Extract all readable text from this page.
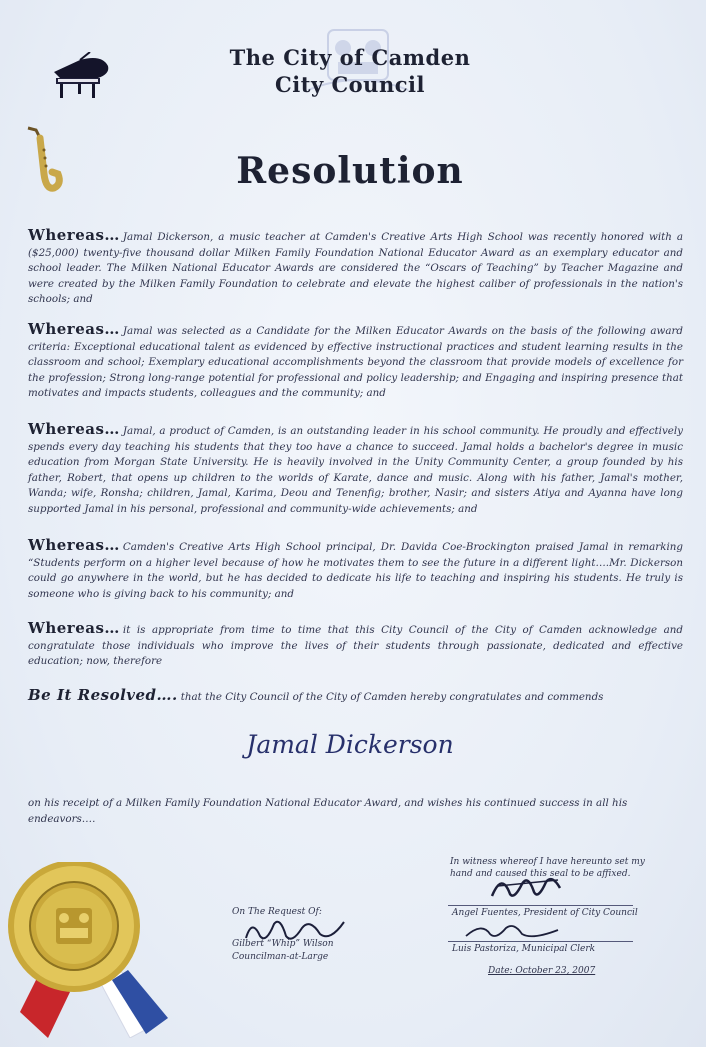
The City of Camden
City Council
Resolution
Whereas… Jamal Dickerson, a music teacher at Camden's Creative Arts High School was recently honored with a ($25,000) twenty-five thousand dollar Milken Family Foundation National Educator Award as an exemplary educator and school leader. The Milken National Educator Awards are considered the “Oscars of Teaching” by Teacher Magazine and were created by the Milken Family Foundation to celebrate and elevate the highest caliber of professionals in the nation's schools; and
Whereas… Jamal was selected as a Candidate for the Milken Educator Awards on the basis of the following award criteria: Exceptional educational talent as evidenced by effective instructional practices and student learning results in the classroom and school; Exemplary educational accomplishments beyond the classroom that provide models of excellence for the profession; Strong long-range potential for professional and policy leadership; and Engaging and inspiring presence that motivates and impacts students, colleagues and the community; and
Whereas… Jamal, a product of Camden, is an outstanding leader in his school community. He proudly and effectively spends every day teaching his students that they too have a chance to succeed. Jamal holds a bachelor's degree in music education from Morgan State University. He is heavily involved in the Unity Community Center, a group founded by his father, Robert, that opens up children to the worlds of Karate, dance and music. Along with his father, Jamal's mother, Wanda; wife, Ronsha; children, Jamal, Karima, Deou and Tenenfig; brother, Nasir; and sisters Atiya and Ayanna have long supported Jamal in his personal, professional and community-wide achievements; and
Whereas… Camden's Creative Arts High School principal, Dr. Davida Coe-Brockington praised Jamal in remarking “Students perform on a higher level because of how he motivates them to see the future in a different light….Mr. Dickerson could go anywhere in the world, but he has decided to dedicate his life to teaching and inspiring his students. He truly is someone who is giving back to his community; and
Whereas… it is appropriate from time to time that this City Council of the City of Camden acknowledge and congratulate those individuals who improve the lives of their students through passionate, dedicated and effective education; now, therefore
Be It Resolved…. that the City Council of the City of Camden hereby congratulates and commends
Jamal Dickerson
on his receipt of a Milken Family Foundation National Educator Award, and wishes his continued success in all his endeavors….
In witness whereof I have hereunto set my hand and caused this seal to be affixed.
Angel Fuentes, President of City Council
Luis Pastoriza, Municipal Clerk
On The Request Of:
Gilbert “Whip” Wilson
Councilman-at-Large
Date: October 23, 2007
